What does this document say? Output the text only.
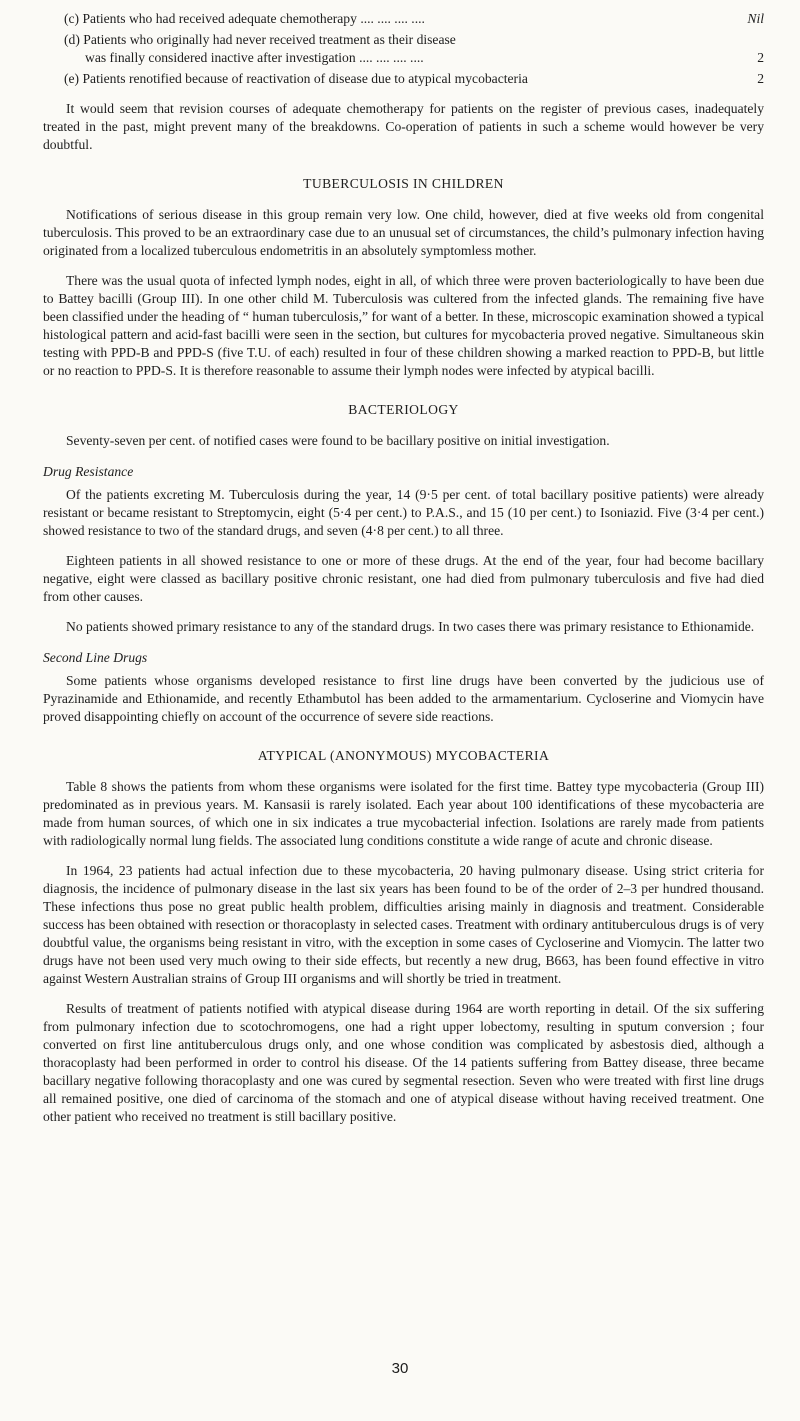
(c) Patients who had received adequate chemotherapy .... .... .... ....	Nil
(d) Patients who originally had never received treatment as their disease
was finally considered inactive after investigation .... .... .... ....	2
(e) Patients renotified because of reactivation of disease due to atypical mycobacteria	2

It would seem that revision courses of adequate chemotherapy for patients on the register of previous cases, inadequately treated in the past, might prevent many of the breakdowns. Co-operation of patients in such a scheme would however be very doubtful.

TUBERCULOSIS IN CHILDREN

Notifications of serious disease in this group remain very low. One child, however, died at five weeks old from congenital tuberculosis. This proved to be an extraordinary case due to an unusual set of circumstances, the child’s pulmonary infection having originated from a localized tuberculous endometritis in an absolutely symptomless mother.

There was the usual quota of infected lymph nodes, eight in all, of which three were proven bacteriologically to have been due to Battey bacilli (Group III). In one other child M. Tuberculosis was cultered from the infected glands. The remaining five have been classified under the heading of “ human tuberculosis,” for want of a better. In these, microscopic examination showed a typical histological pattern and acid-fast bacilli were seen in the section, but cultures for mycobacteria proved negative. Simultaneous skin testing with PPD-B and PPD-S (five T.U. of each) resulted in four of these children showing a marked reaction to PPD-B, but little or no reaction to PPD-S. It is therefore reasonable to assume their lymph nodes were infected by atypical bacilli.

BACTERIOLOGY

Seventy-seven per cent. of notified cases were found to be bacillary positive on initial investigation.

Drug Resistance

Of the patients excreting M. Tuberculosis during the year, 14 (9·5 per cent. of total bacillary positive patients) were already resistant or became resistant to Streptomycin, eight (5·4 per cent.) to P.A.S., and 15 (10 per cent.) to Isoniazid. Five (3·4 per cent.) showed resistance to two of the standard drugs, and seven (4·8 per cent.) to all three.

Eighteen patients in all showed resistance to one or more of these drugs. At the end of the year, four had become bacillary negative, eight were classed as bacillary positive chronic resistant, one had died from pulmonary tuberculosis and five had died from other causes.

No patients showed primary resistance to any of the standard drugs. In two cases there was primary resistance to Ethionamide.

Second Line Drugs

Some patients whose organisms developed resistance to first line drugs have been converted by the judicious use of Pyrazinamide and Ethionamide, and recently Ethambutol has been added to the armamentarium. Cycloserine and Viomycin have proved disappointing chiefly on account of the occurrence of severe side reactions.

ATYPICAL (ANONYMOUS) MYCOBACTERIA

Table 8 shows the patients from whom these organisms were isolated for the first time. Battey type mycobacteria (Group III) predominated as in previous years. M. Kansasii is rarely isolated. Each year about 100 identifications of these mycobacteria are made from human sources, of which one in six indicates a true mycobacterial infection. Isolations are rarely made from patients with radiologically normal lung fields. The associated lung conditions constitute a wide range of acute and chronic disease.

In 1964, 23 patients had actual infection due to these mycobacteria, 20 having pulmonary disease. Using strict criteria for diagnosis, the incidence of pulmonary disease in the last six years has been found to be of the order of 2–3 per hundred thousand. These infections thus pose no great public health problem, difficulties arising mainly in diagnosis and treatment. Considerable success has been obtained with resection or thoracoplasty in selected cases. Treatment with ordinary antituberculous drugs is of very doubtful value, the organisms being resistant in vitro, with the exception in some cases of Cycloserine and Viomycin. The latter two drugs have not been used very much owing to their side effects, but recently a new drug, B663, has been found effective in vitro against Western Australian strains of Group III organisms and will shortly be tried in treatment.

Results of treatment of patients notified with atypical disease during 1964 are worth reporting in detail. Of the six suffering from pulmonary infection due to scotochromogens, one had a right upper lobectomy, resulting in sputum conversion ; four converted on first line antituberculous drugs only, and one whose condition was complicated by asbestosis died, although a thoracoplasty had been performed in order to control his disease. Of the 14 patients suffering from Battey disease, three became bacillary negative following thoracoplasty and one was cured by segmental resection. Seven who were treated with first line drugs all remained positive, one died of carcinoma of the stomach and one of atypical disease without having received treatment. One other patient who received no treatment is still bacillary positive.

30
